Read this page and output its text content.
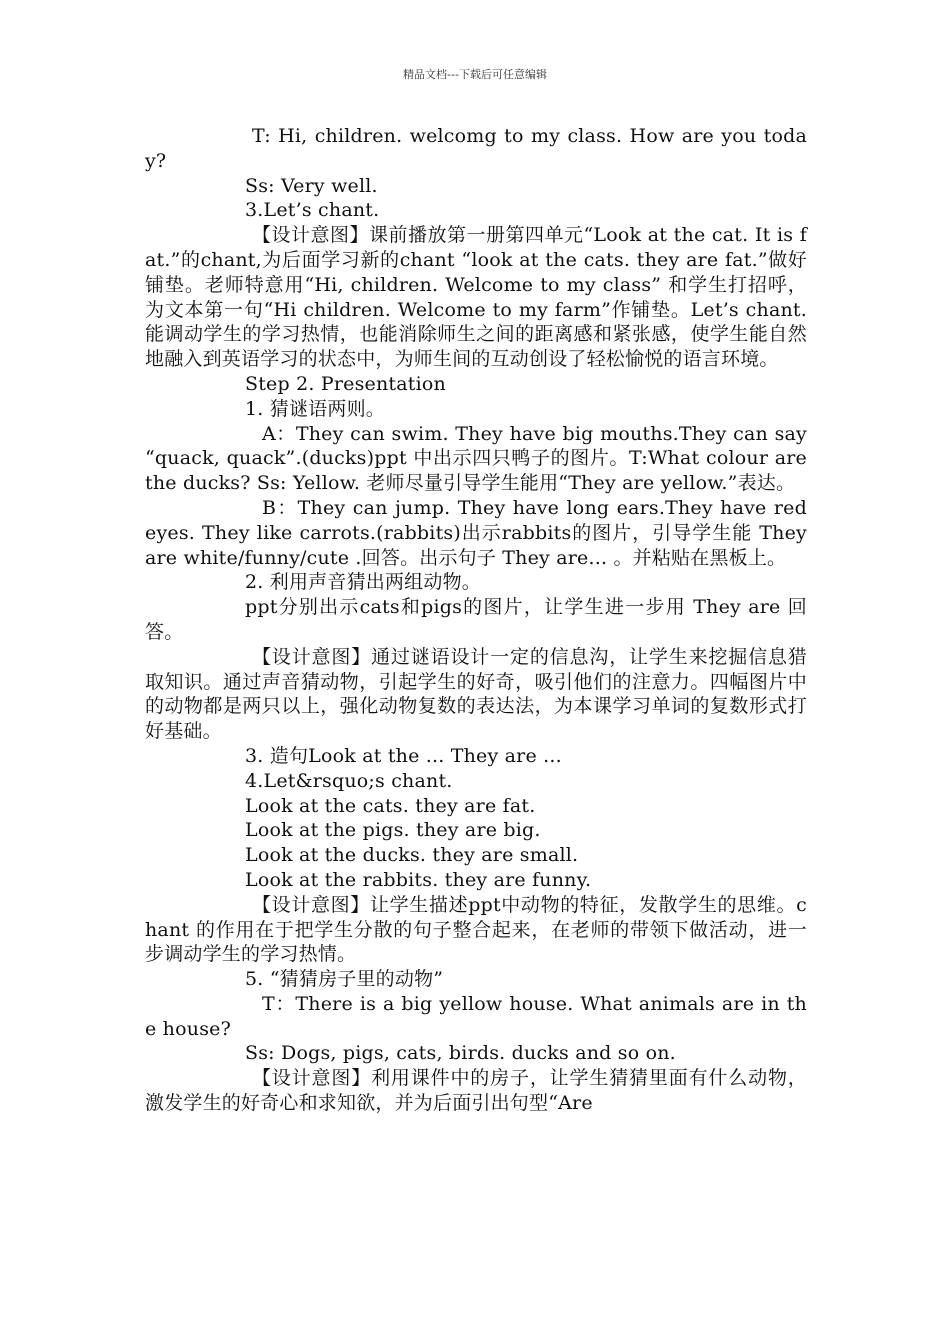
精品文档---下载后可任意编辑

T: Hi, children. welcomg to my class. How are you today?

Ss: Very well.

3.Let’s chant.

【设计意图】课前播放第一册第四单元“Look at the cat. It is fat.”的chant,为后面学习新的chant “look at the cats. they are fat.”做好铺垫。老师特意用“Hi, children. Welcome to my class” 和学生打招呼，为文本第一句“Hi children. Welcome to my farm”作铺垫。Let’s chant.能调动学生的学习热情，也能消除师生之间的距离感和紧张感，使学生能自然地融入到英语学习的状态中，为师生间的互动创设了轻松愉悦的语言环境。

Step 2. Presentation

1. 猜谜语两则。

A：They can swim. They have big mouths.They can say “quack, quack”.(ducks)ppt 中出示四只鸭子的图片。T:What colour are the ducks? Ss: Yellow. 老师尽量引导学生能用“They are yellow.”表达。

B：They can jump. They have long ears.They have red eyes. They like carrots.(rabbits)出示rabbits的图片，引导学生能 They are white/funny/cute .回答。出示句子 They are... 。并粘贴在黑板上。

2. 利用声音猜出两组动物。

ppt分别出示cats和pigs的图片，让学生进一步用 They are 回答。

【设计意图】通过谜语设计一定的信息沟，让学生来挖掘信息猎取知识。通过声音猜动物，引起学生的好奇，吸引他们的注意力。四幅图片中的动物都是两只以上，强化动物复数的表达法，为本课学习单词的复数形式打好基础。

3. 造句Look at the ... They are ...

4.Let&rsquo;s chant.

Look at the cats. they are fat.

Look at the pigs. they are big.

Look at the ducks. they are small.

Look at the rabbits. they are funny.

【设计意图】让学生描述ppt中动物的特征，发散学生的思维。chant 的作用在于把学生分散的句子整合起来，在老师的带领下做活动，进一步调动学生的学习热情。

5. “猜猜房子里的动物”

T：There is a big yellow house. What animals are in the house?

Ss: Dogs, pigs, cats, birds. ducks and so on.

【设计意图】利用课件中的房子，让学生猜猜里面有什么动物，激发学生的好奇心和求知欲，并为后面引出句型“Are
